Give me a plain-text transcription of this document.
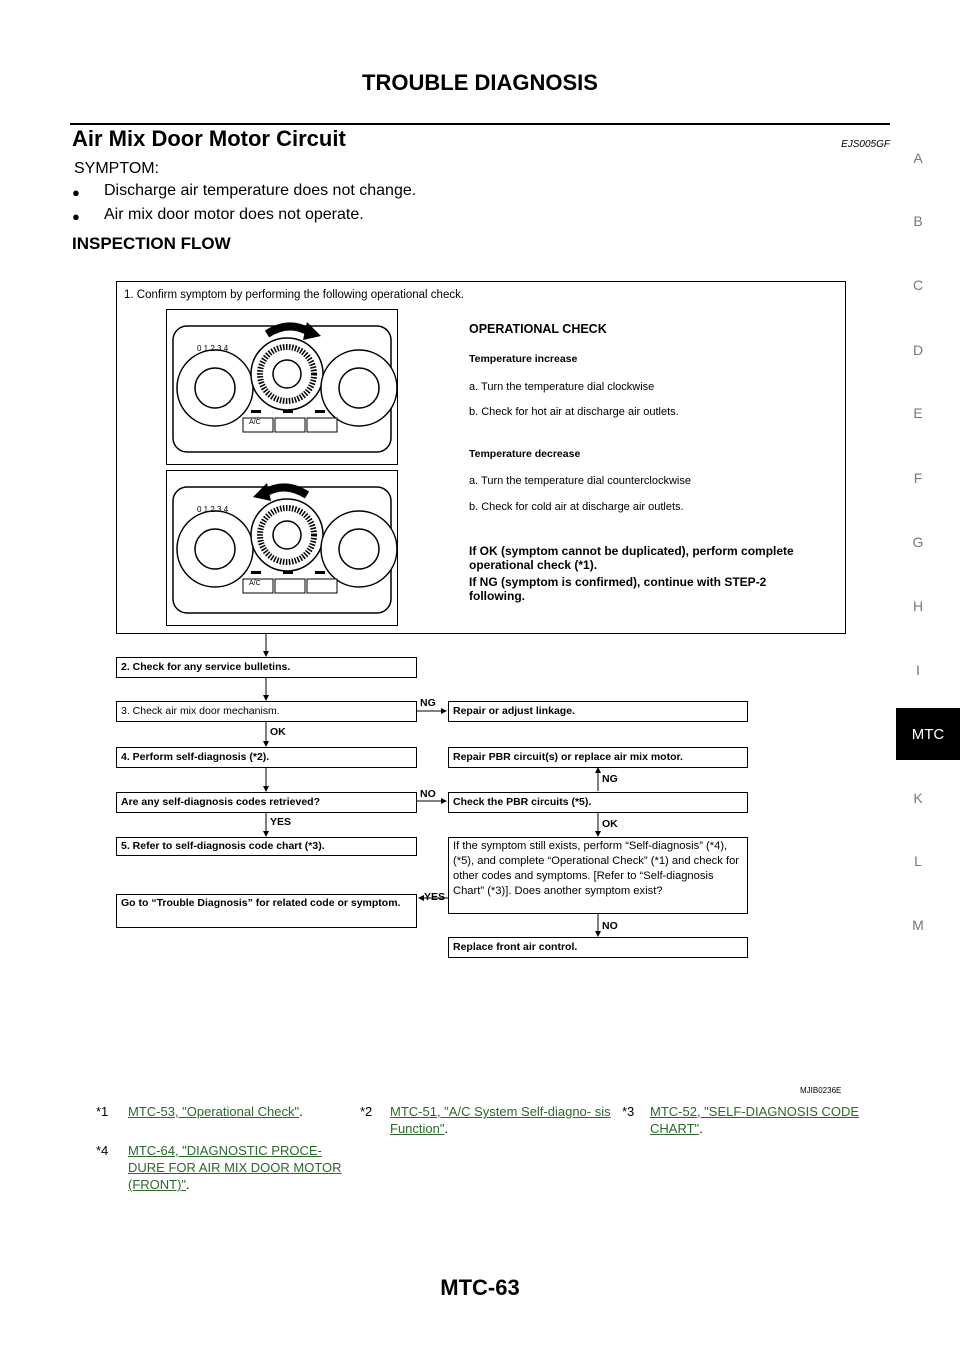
TROUBLE DIAGNOSIS
Air Mix Door Motor Circuit	EJS005GF
SYMPTOM:
● Discharge air temperature does not change.
● Air mix door motor does not operate.
INSPECTION FLOW
A
B
C
D
E
F
G
H
I
MTC
K
L
M
1. Confirm symptom by performing the following operational check.
A/C
0 1 2 3 4
A/C
0 1 2 3 4
OPERATIONAL CHECK
Temperature increase
a. Turn the temperature dial clockwise
b. Check for hot air at discharge air outlets.
Temperature decrease
a. Turn the temperature dial counterclockwise
b. Check for cold air at discharge air outlets.
If OK (symptom cannot be duplicated), perform complete operational check (*1).
If NG (symptom is confirmed), continue with STEP-2 following.
2. Check for any service bulletins.
3. Check air mix door mechanism.
NG
Repair or adjust linkage.
OK
4. Perform self-diagnosis (*2).	Repair PBR circuit(s) or replace air mix motor.
NG
Are any self-diagnosis codes retrieved?
NO
Check the PBR circuits (*5).
YES	OK
5. Refer to self-diagnosis code chart (*3).	If the symptom still exists, perform “Self-diagnosis” (*4), (*5), and complete “Operational Check” (*1) and check for other codes and symptoms. [Refer to “Self-diagnosis Chart” (*3)]. Does another symptom exist?
YES
Go to “Trouble Diagnosis” for related code or symptom.
NO
Replace front air control.
MJIB0236E
*1 MTC-53, "Operational Check".	*2 MTC-51, "A/C System Self-diagno- sis Function".
*3 MTC-52, "SELF-DIAGNOSIS CODE CHART".
*4 MTC-64, "DIAGNOSTIC PROCE- DURE FOR AIR MIX DOOR MOTOR (FRONT)".
MTC-63
